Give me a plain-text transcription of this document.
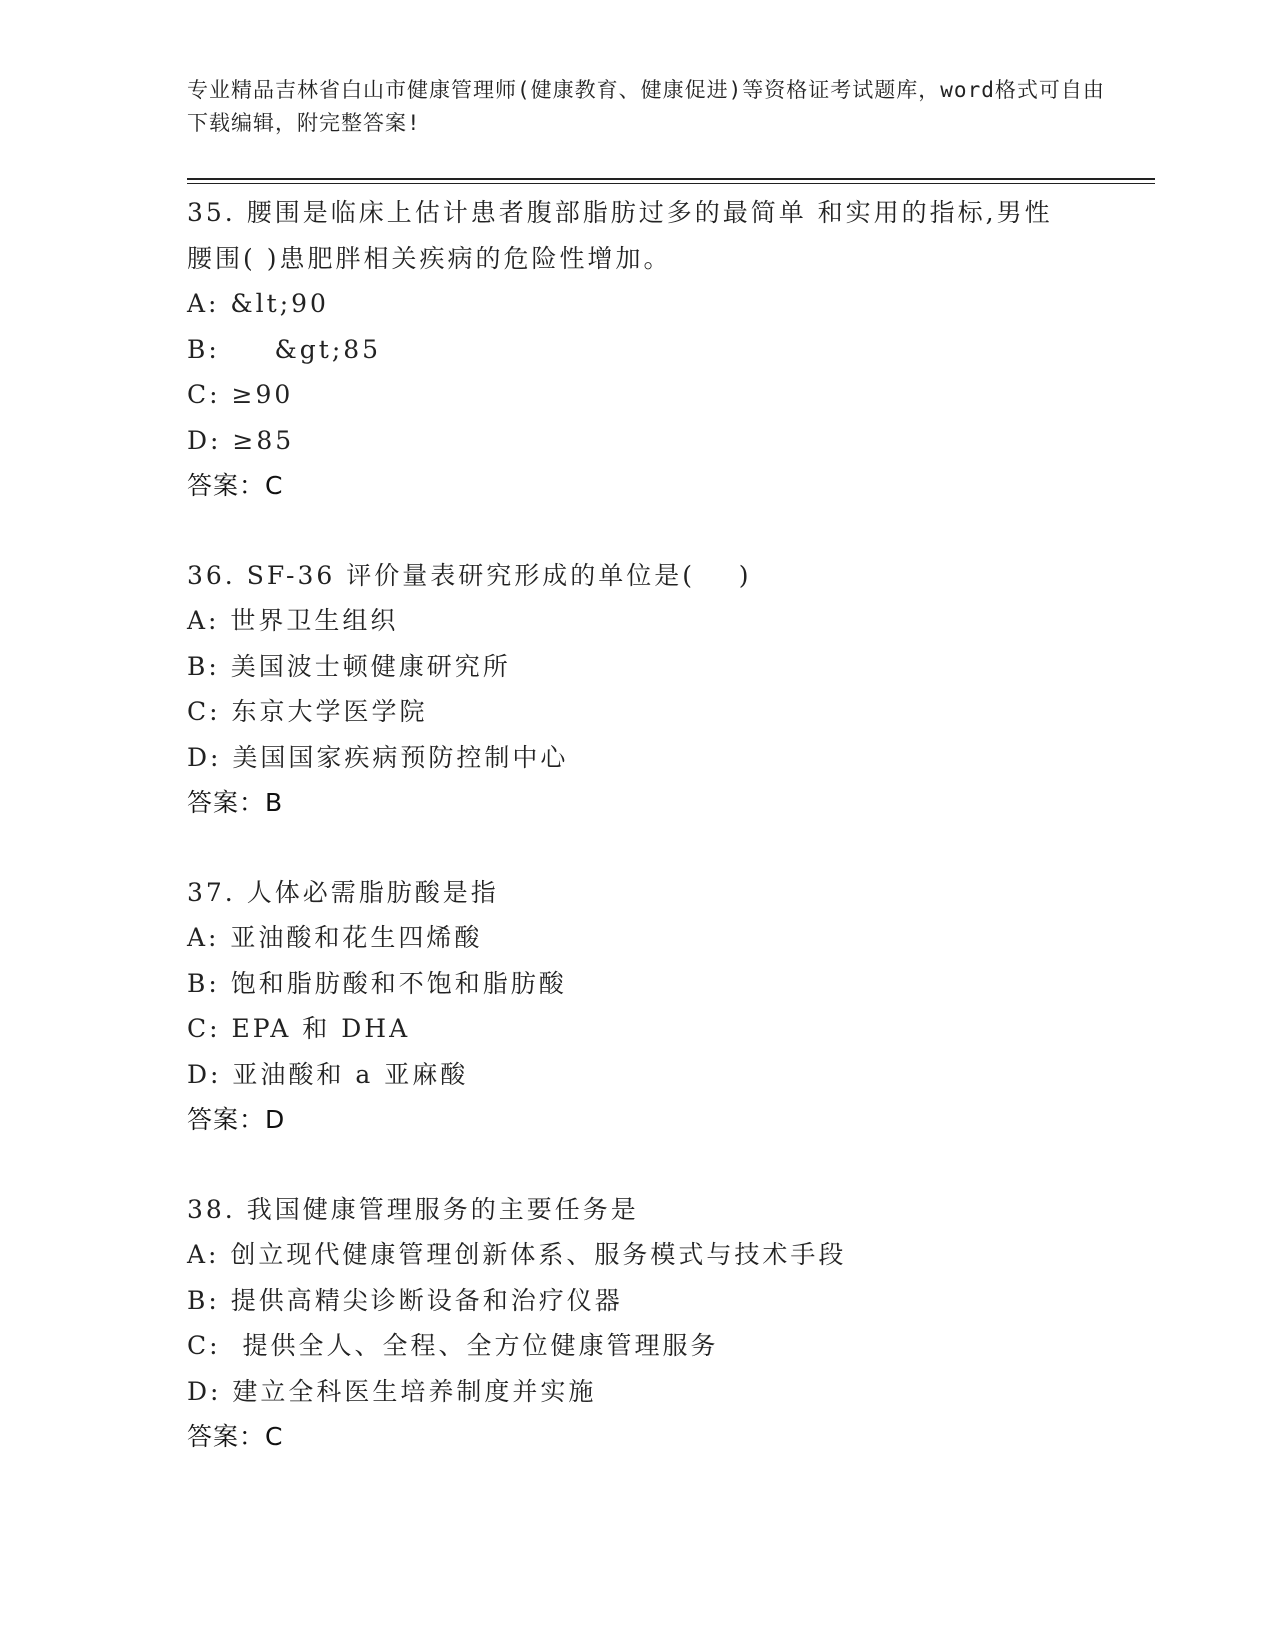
专业精品吉林省白山市健康管理师(健康教育、健康促进)等资格证考试题库，word格式可自由下载编辑，附完整答案!
35. 腰围是临床上估计患者腹部脂肪过多的最简单 和实用的指标,男性腰围( )患肥胖相关疾病的危险性增加。
A: &lt;90
B:     &gt;85
C: ≥90
D: ≥85
答案：C
36. SF-36 评价量表研究形成的单位是(    )
A: 世界卫生组织
B: 美国波士顿健康研究所
C: 东京大学医学院
D: 美国国家疾病预防控制中心
答案：B
37. 人体必需脂肪酸是指
A: 亚油酸和花生四烯酸
B: 饱和脂肪酸和不饱和脂肪酸
C: EPA 和 DHA
D: 亚油酸和 a 亚麻酸
答案：D
38. 我国健康管理服务的主要任务是
A: 创立现代健康管理创新体系、服务模式与技术手段
B: 提供高精尖诊断设备和治疗仪器
C:  提供全人、全程、全方位健康管理服务
D: 建立全科医生培养制度并实施
答案：C
